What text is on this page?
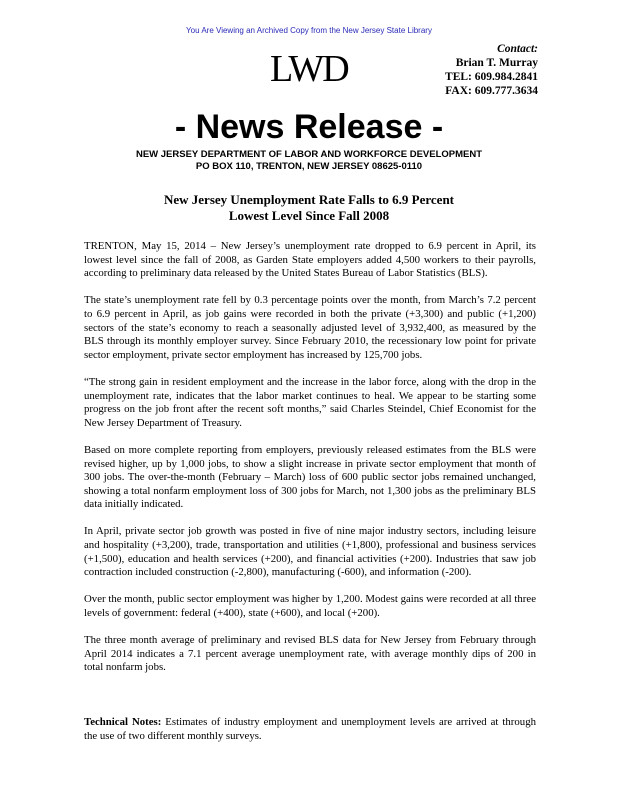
You Are Viewing an Archived Copy from the New Jersey State Library
LWD	Contact:
Brian T. Murray
TEL: 609.984.2841
FAX: 609.777.3634
- News Release -
NEW JERSEY DEPARTMENT OF LABOR AND WORKFORCE DEVELOPMENT
PO BOX 110, TRENTON, NEW JERSEY 08625-0110
New Jersey Unemployment Rate Falls to 6.9 Percent
Lowest Level Since Fall 2008

TRENTON, May 15, 2014 – New Jersey’s unemployment rate dropped to 6.9 percent in April, its lowest level since the fall of 2008, as Garden State employers added 4,500 workers to their payrolls, according to preliminary data released by the United States Bureau of Labor Statistics (BLS).

The state’s unemployment rate fell by 0.3 percentage points over the month, from March’s 7.2 percent to 6.9 percent in April, as job gains were recorded in both the private (+3,300) and public (+1,200) sectors of the state’s economy to reach a seasonally adjusted level of 3,932,400, as measured by the BLS through its monthly employer survey. Since February 2010, the recessionary low point for private sector employment, private sector employment has increased by 125,700 jobs.

“The strong gain in resident employment and the increase in the labor force, along with the drop in the unemployment rate, indicates that the labor market continues to heal. We appear to be starting some progress on the job front after the recent soft months,” said Charles Steindel, Chief Economist for the New Jersey Department of Treasury.

Based on more complete reporting from employers, previously released estimates from the BLS were revised higher, up by 1,000 jobs, to show a slight increase in private sector employment that month of 300 jobs. The over-the-month (February – March) loss of 600 public sector jobs remained unchanged, showing a total nonfarm employment loss of 300 jobs for March, not 1,300 jobs as the preliminary BLS data initially indicated.

In April, private sector job growth was posted in five of nine major industry sectors, including leisure and hospitality (+3,200), trade, transportation and utilities (+1,800), professional and business services (+1,500), education and health services (+200), and financial activities (+200). Industries that saw job contraction included construction (-2,800), manufacturing (-600), and information (-200).

Over the month, public sector employment was higher by 1,200. Modest gains were recorded at all three levels of government: federal (+400), state (+600), and local (+200).

The three month average of preliminary and revised BLS data for New Jersey from February through April 2014 indicates a 7.1 percent average unemployment rate, with average monthly dips of 200 in total nonfarm jobs.

Technical Notes: Estimates of industry employment and unemployment levels are arrived at through the use of two different monthly surveys.
